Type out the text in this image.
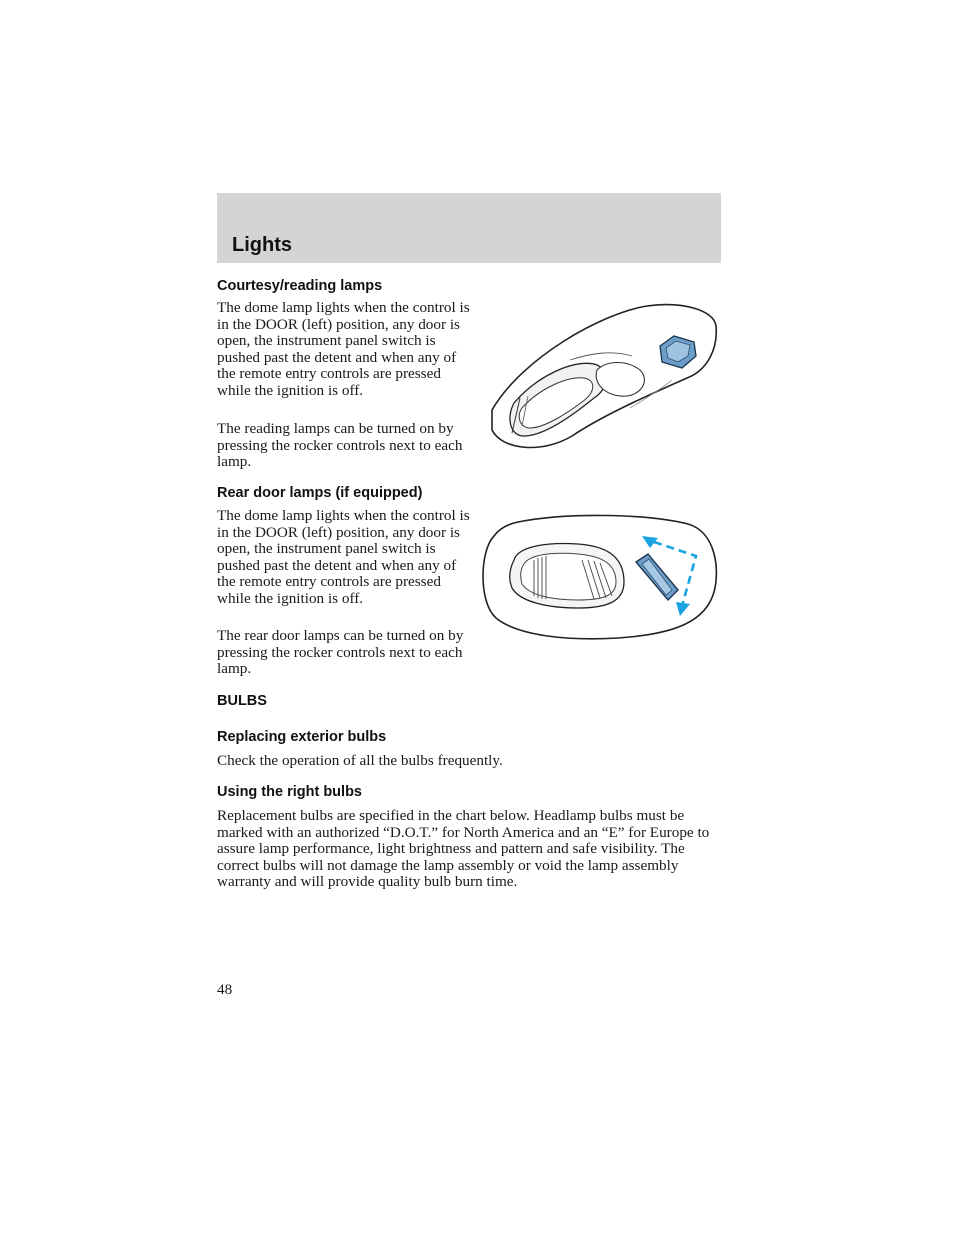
Lights
Courtesy/reading lamps

The dome lamp lights when the control is in the DOOR (left) position, any door is open, the instrument panel switch is pushed past the detent and when any of the remote entry controls are pressed while the ignition is off.

The reading lamps can be turned on by pressing the rocker controls next to each lamp.

Rear door lamps (if equipped)

The dome lamp lights when the control is in the DOOR (left) position, any door is open, the instrument panel switch is pushed past the detent and when any of the remote entry controls are pressed while the ignition is off.

The rear door lamps can be turned on by pressing the rocker controls next to each lamp.

BULBS
Replacing exterior bulbs

Check the operation of all the bulbs frequently.

Using the right bulbs

Replacement bulbs are specified in the chart below. Headlamp bulbs must be marked with an authorized “D.O.T.” for North America and an “E” for Europe to assure lamp performance, light brightness and pattern and safe visibility. The correct bulbs will not damage the lamp assembly or void the lamp assembly warranty and will provide quality bulb burn time.

48
